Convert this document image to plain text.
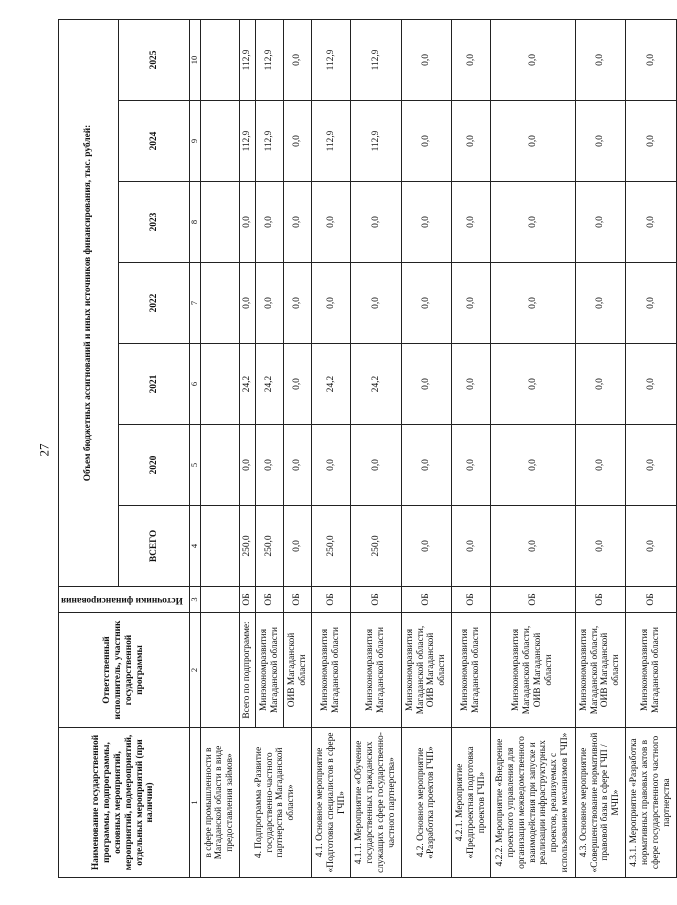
27
Наименование государственной программы, подпрограммы, основных мероприятий, мероприятий, подмероприятий, отдельных мероприятий (при наличии)	Ответственный исполнитель, участник государственной программы	Источники финансирования	Объем бюджетных ассигнований и иных источников финансирования, тыс. рублей:						
			ВСЕГО	2020	2021	2022	2023	2024	2025
1	2	3	4	5	6	7	8	9	10
в сфере промышленности в Магаданской области в виде предоставления займов»									
4. Подпрограмма «Развитие государственно-частного партнерства в Магаданской области»	Всего по подпрограмме:	ОБ	250,0	0,0	24,2	0,0	0,0	112,9	112,9
	Минэкономразвития Магаданской области	ОБ	250,0	0,0	24,2	0,0	0,0	112,9	112,9
	ОИВ Магаданской области	ОБ	0,0	0,0	0,0	0,0	0,0	0,0	0,0
4.1. Основное мероприятие «Подготовка специалистов в сфере ГЧП»	Минэкономразвития Магаданской области	ОБ	250,0	0,0	24,2	0,0	0,0	112,9	112,9
4.1.1. Мероприятие «Обучение государственных гражданских служащих в сфере государственно-частного партнерства»	Минэкономразвития Магаданской области	ОБ	250,0	0,0	24,2	0,0	0,0	112,9	112,9
4.2. Основное мероприятие «Разработка проектов ГЧП»	Минэкономразвития Магаданской области, ОИВ Магаданской области	ОБ	0,0	0,0	0,0	0,0	0,0	0,0	0,0
4.2.1. Мероприятие «Предпроектная подготовка проектов ГЧП»	Минэкономразвития Магаданской области	ОБ	0,0	0,0	0,0	0,0	0,0	0,0	0,0
4.2.2. Мероприятие «Внедрение проектного управления для организации межведомственного взаимодействия при запуске и реализации инфраструктурных проектов, реализуемых с использованием механизмов ГЧП»	Минэкономразвития Магаданской области, ОИВ Магаданской области	ОБ	0,0	0,0	0,0	0,0	0,0	0,0	0,0
4.3. Основное мероприятие «Совершенствование нормативной правовой базы в сфере ГЧП / МЧП»	Минэкономразвития Магаданской области, ОИВ Магаданской области	ОБ	0,0	0,0	0,0	0,0	0,0	0,0	0,0
4.3.1. Мероприятие «Разработка нормативных правовых актов в сфере государственного частного партнерства	Минэкономразвития Магаданской области	ОБ	0,0	0,0	0,0	0,0	0,0	0,0	0,0
